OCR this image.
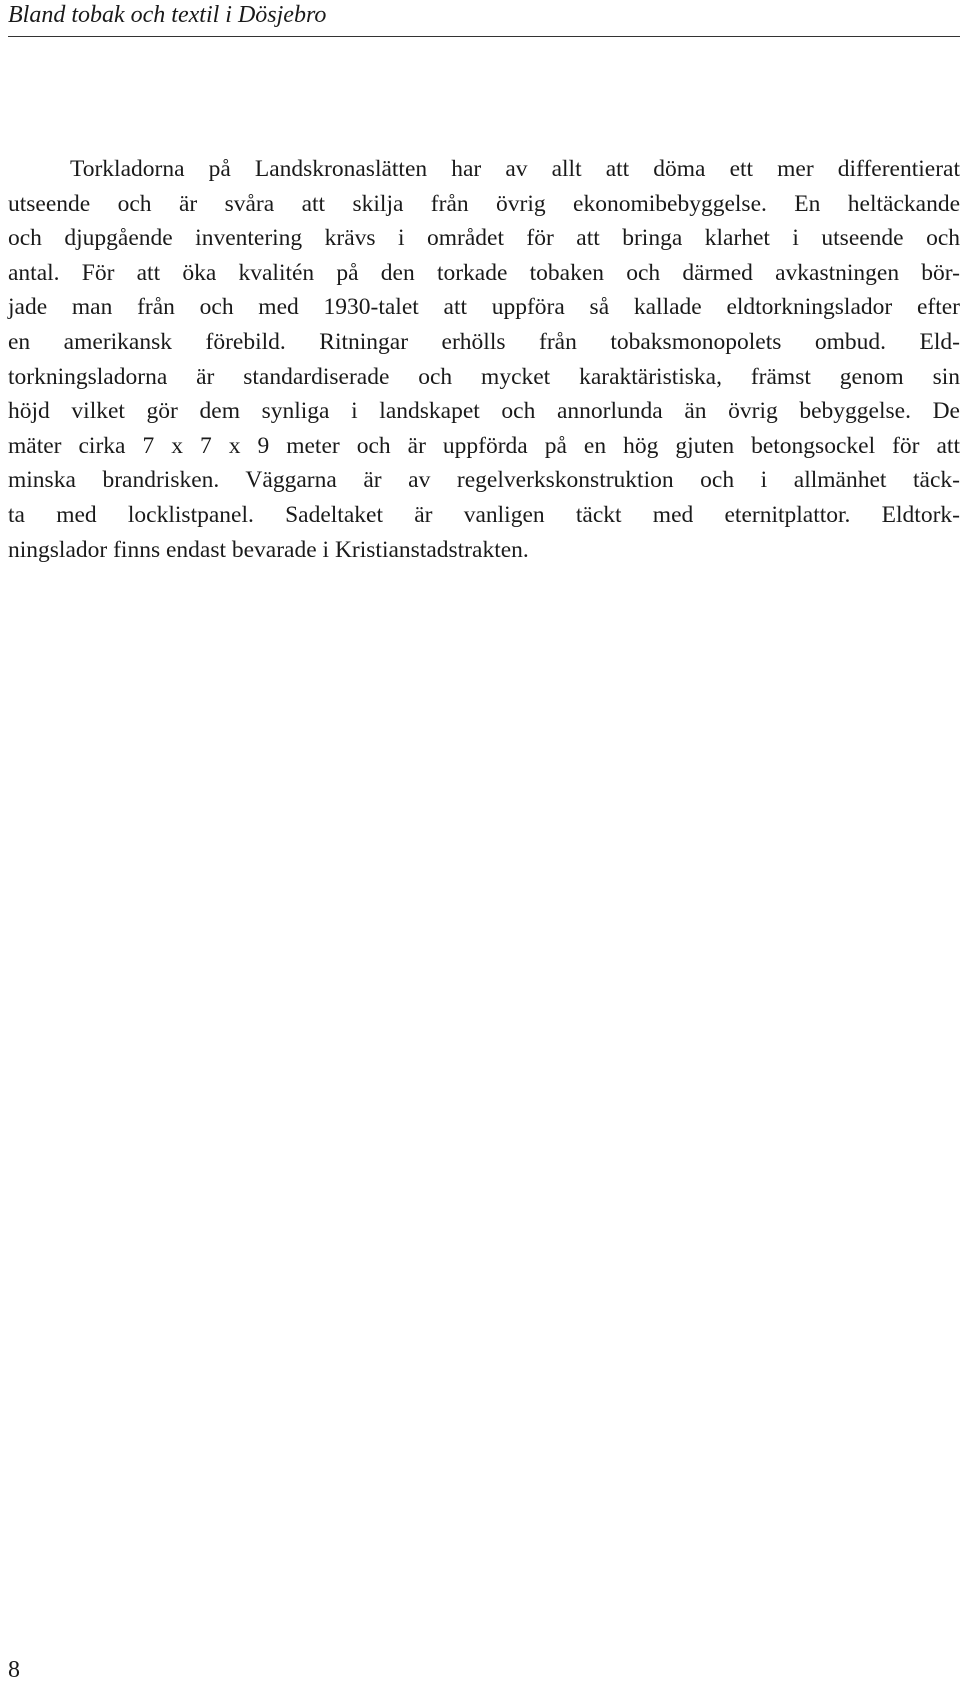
Bland tobak och textil i Dösjebro
Torkladorna på Landskronaslätten har av allt att döma ett mer differentierat
utseende och är svåra att skilja från övrig ekonomibebyggelse. En heltäckande
och djupgående inventering krävs i området för att bringa klarhet i utseende och
antal. För att öka kvalitén på den torkade tobaken och därmed avkastningen bör-
jade man från och med 1930-talet att uppföra så kallade eldtorkningslador efter
en amerikansk förebild. Ritningar erhölls från tobaksmonopolets ombud. Eld-
torkningsladorna är standardiserade och mycket karaktäristiska, främst genom sin
höjd vilket gör dem synliga i landskapet och annorlunda än övrig bebyggelse. De
mäter cirka 7 x 7 x 9 meter och är uppförda på en hög gjuten betongsockel för att
minska brandrisken. Väggarna är av regelverkskonstruktion och i allmänhet täck-
ta med locklistpanel. Sadeltaket är vanligen täckt med eternitplattor. Eldtork-
ningslador finns endast bevarade i Kristianstadstrakten.
8
